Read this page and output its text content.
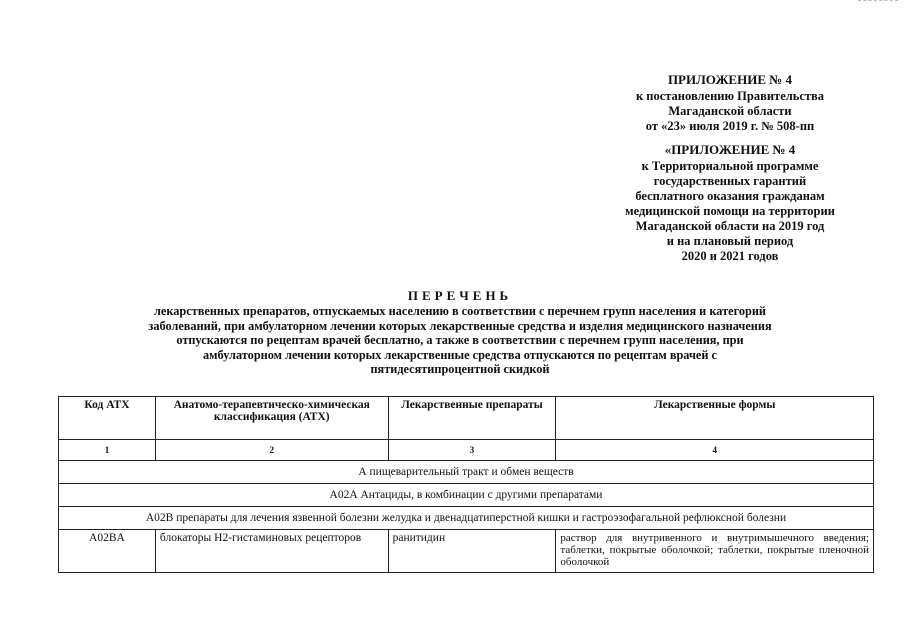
ПРИЛОЖЕНИЕ № 4
к постановлению Правительства
Магаданской области
от «23» июля 2019 г. № 508-пп
«ПРИЛОЖЕНИЕ № 4
к Территориальной программе
государственных гарантий
бесплатного оказания гражданам
медицинской помощи на территории
Магаданской области на 2019 год
и на плановый период
2020 и 2021 годов
ПЕРЕЧЕНЬ
лекарственных препаратов, отпускаемых населению в соответствии с перечнем групп населения и категорий
заболеваний, при амбулаторном лечении которых лекарственные средства и изделия медицинского назначения
отпускаются по рецептам врачей бесплатно, а также в соответствии с перечнем групп населения, при
амбулаторном лечении которых лекарственные средства отпускаются по рецептам врачей с
пятидесятипроцентной скидкой
Код АТХ	Анатомо-терапевтическо-химическая классификация (АТХ)	Лекарственные препараты	Лекарственные формы
1	2	3	4
А пищеварительный тракт и обмен веществ			
А02А Антациды, в комбинации с другими препаратами			
А02В препараты для лечения язвенной болезни желудка и двенадцатиперстной кишки и гастроэзофагальной рефлюксной болезни			
A02BA	блокаторы Н2-гистаминовых рецепторов	ранитидин	раствор для внутривенного и внутримышечного введения; таблетки, покрытые оболочкой; таблетки, покрытые пленочной оболочкой
